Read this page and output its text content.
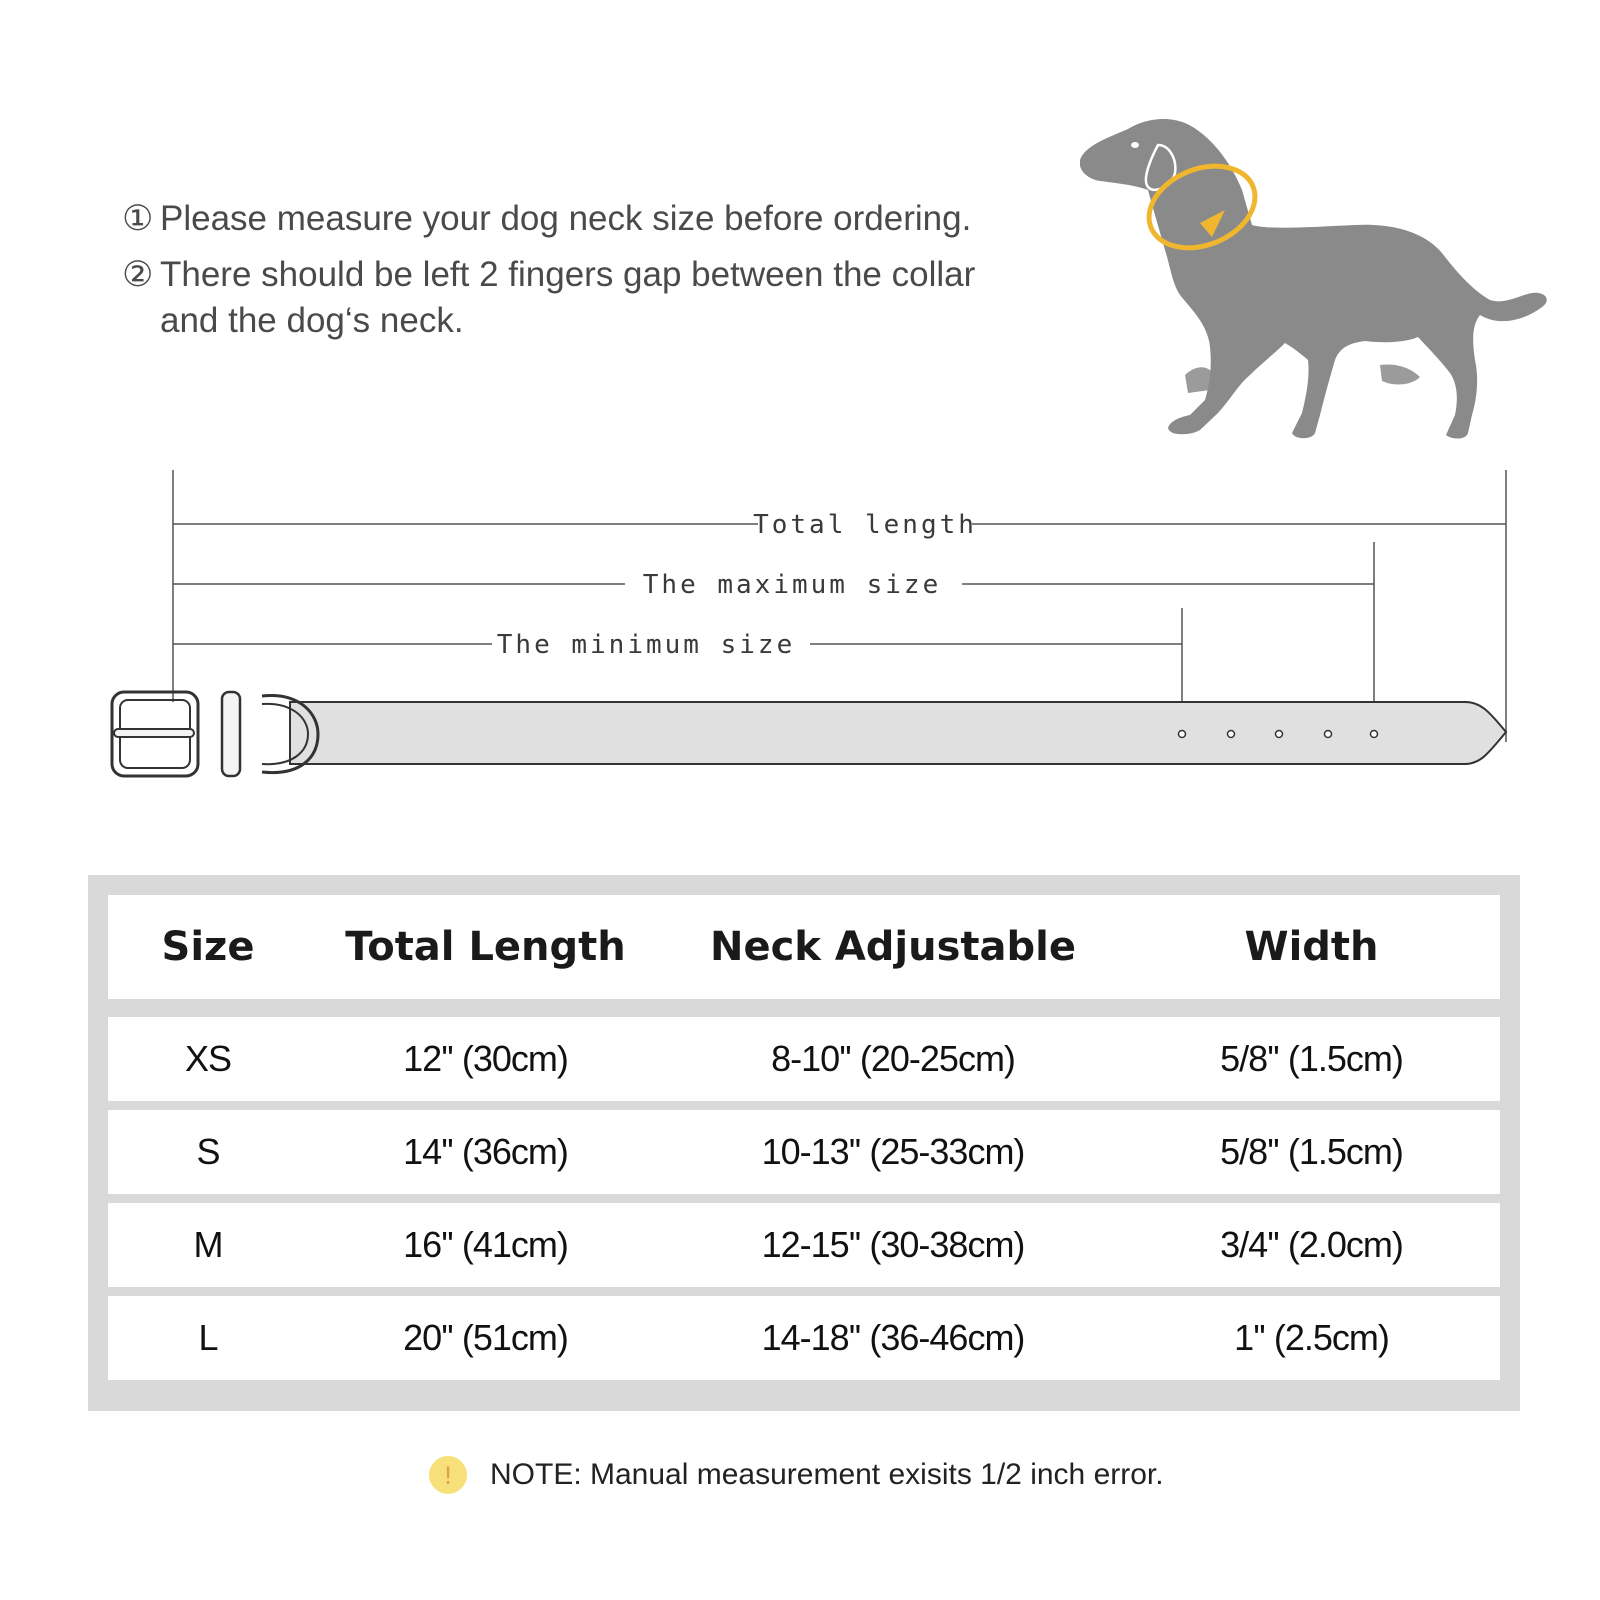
① Please measure your dog neck size before ordering.
② There should be left 2 fingers gap between the collar and the dog‘s neck.
Total length
The maximum size
The minimum size
Size	Total Length	Neck Adjustable	Width
XS	12'' (30cm)	8-10'' (20-25cm)	5/8'' (1.5cm)
S	14'' (36cm)	10-13'' (25-33cm)	5/8'' (1.5cm)
M	16'' (41cm)	12-15'' (30-38cm)	3/4'' (2.0cm)
L	20'' (51cm)	14-18'' (36-46cm)	1'' (2.5cm)
! NOTE: Manual measurement exisits 1/2 inch error.
